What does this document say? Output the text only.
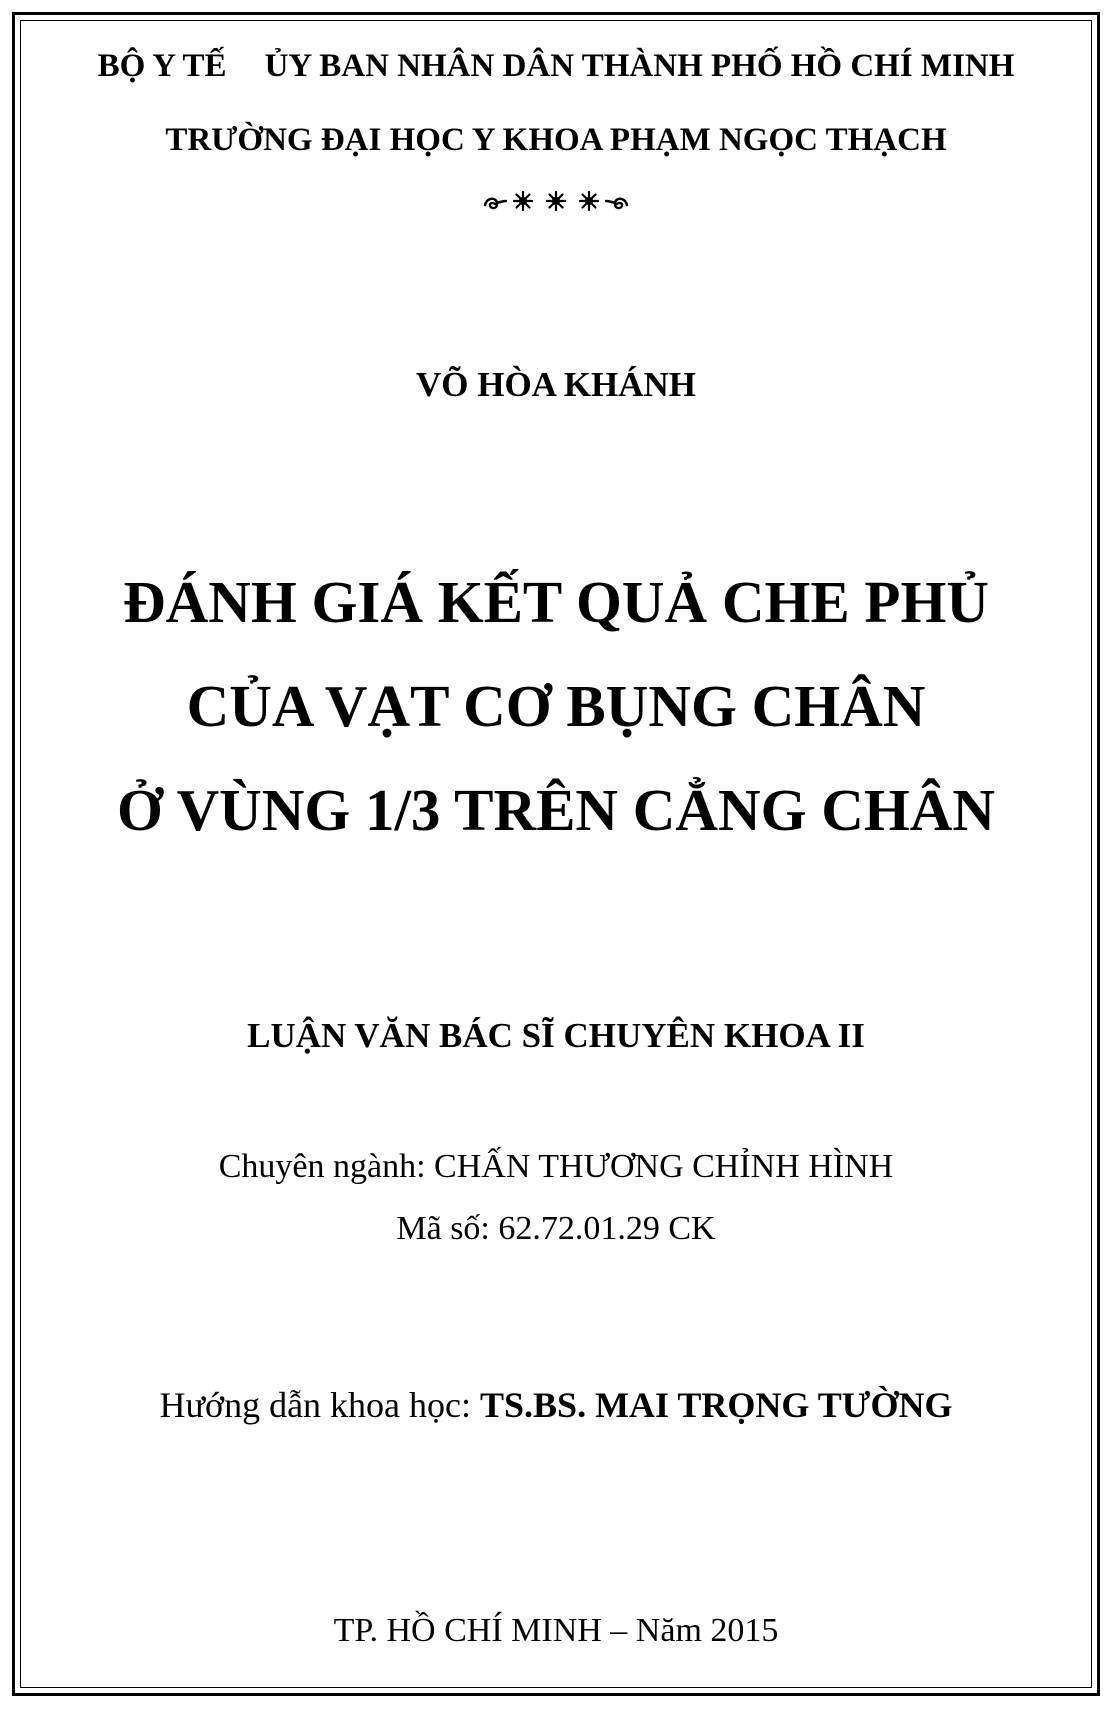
BỘ Y TẾ ỦY BAN NHÂN DÂN THÀNH PHỐ HỒ CHÍ MINH
TRƯỜNG ĐẠI HỌC Y KHOA PHẠM NGỌC THẠCH
VÕ HÒA KHÁNH
ĐÁNH GIÁ KẾT QUẢ CHE PHỦ
CỦA VẠT CƠ BỤNG CHÂN
Ở VÙNG 1/3 TRÊN CẲNG CHÂN
LUẬN VĂN BÁC SĨ CHUYÊN KHOA II
Chuyên ngành: CHẤN THƯƠNG CHỈNH HÌNH
Mã số: 62.72.01.29 CK
Hướng dẫn khoa học: TS.BS. MAI TRỌNG TƯỜNG
TP. HỒ CHÍ MINH – Năm 2015
